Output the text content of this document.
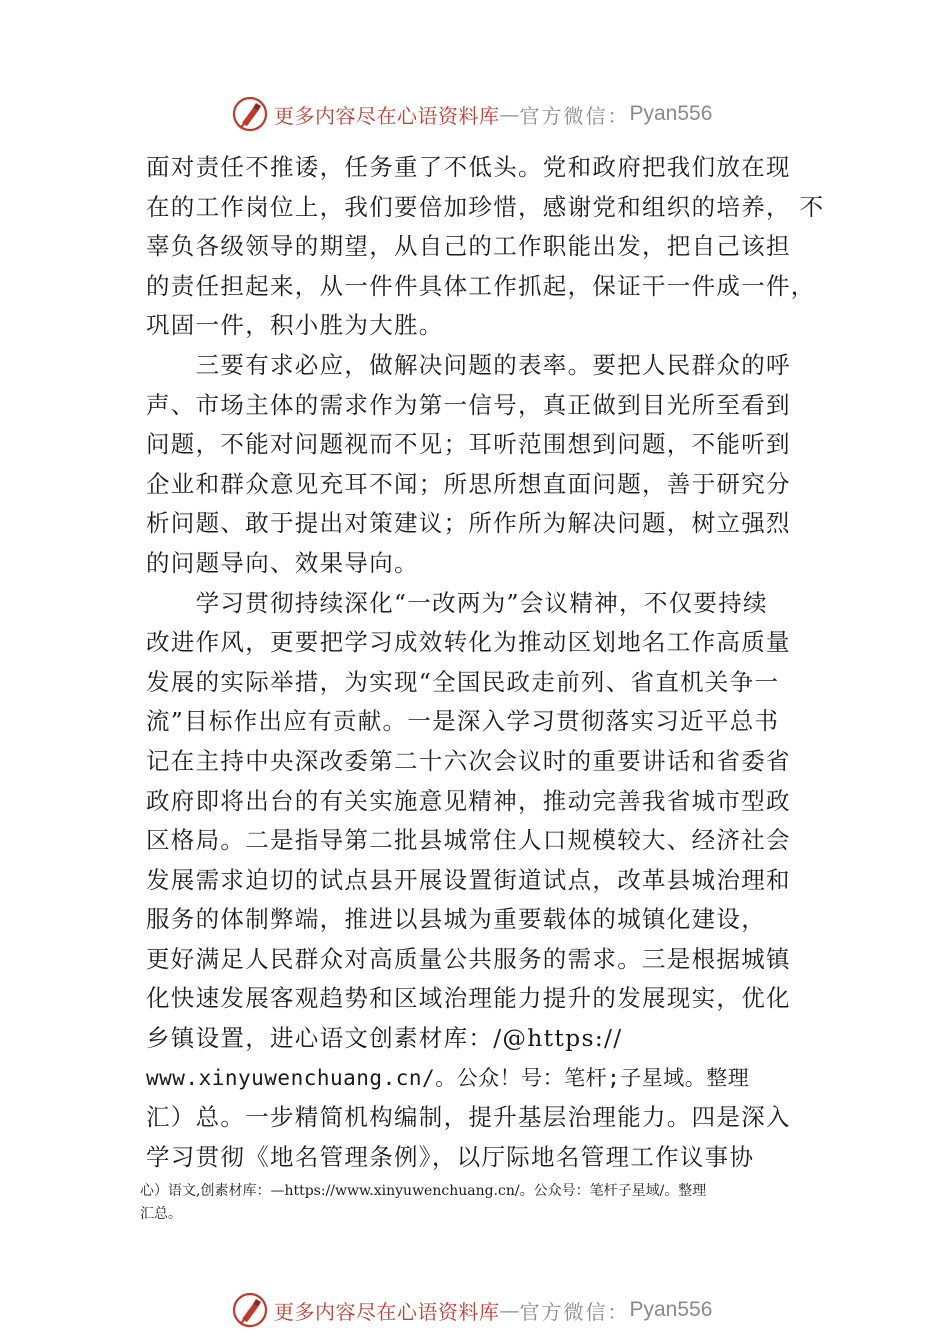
更多内容尽在心语资料库 — 官方微信： Pyan556
面对责任不推诿，任务重了不低头。党和政府把我们放在现
在的工作岗位上，我们要倍加珍惜，感谢党和组织的培养， 不
辜负各级领导的期望，从自己的工作职能出发，把自己该担
的责任担起来，从一件件具体工作抓起，保证干一件成一件，
巩固一件，积小胜为大胜。
　　三要有求必应，做解决问题的表率。要把人民群众的呼
声、市场主体的需求作为第一信号，真正做到目光所至看到
问题，不能对问题视而不见；耳听范围想到问题，不能听到
企业和群众意见充耳不闻；所思所想直面问题，善于研究分
析问题、敢于提出对策建议；所作所为解决问题，树立强烈
的问题导向、效果导向。
　　学习贯彻持续深化“一改两为”会议精神，不仅要持续
改进作风，更要把学习成效转化为推动区划地名工作高质量
发展的实际举措，为实现“全国民政走前列、省直机关争一
流”目标作出应有贡献。一是深入学习贯彻落实习近平总书
记在主持中央深改委第二十六次会议时的重要讲话和省委省
政府即将出台的有关实施意见精神，推动完善我省城市型政
区格局。二是指导第二批县城常住人口规模较大、经济社会
发展需求迫切的试点县开展设置街道试点，改革县城治理和
服务的体制弊端，推进以县城为重要载体的城镇化建设，
更好满足人民群众对高质量公共服务的需求。三是根据城镇
化快速发展客观趋势和区域治理能力提升的发展现实，优化
乡镇设置，进心语文创素材库：/@https://
www.xinyuwenchuang.cn/。公众！号：笔杆;子星域。整理
汇）总。一步精简机构编制，提升基层治理能力。四是深入
学习贯彻《地名管理条例》，以厅际地名管理工作议事协
心）语文,创素材库：—https://www.xinyuwenchuang.cn/。公众号：笔杆子星域/。整理
汇总。
更多内容尽在心语资料库 — 官方微信： Pyan556
